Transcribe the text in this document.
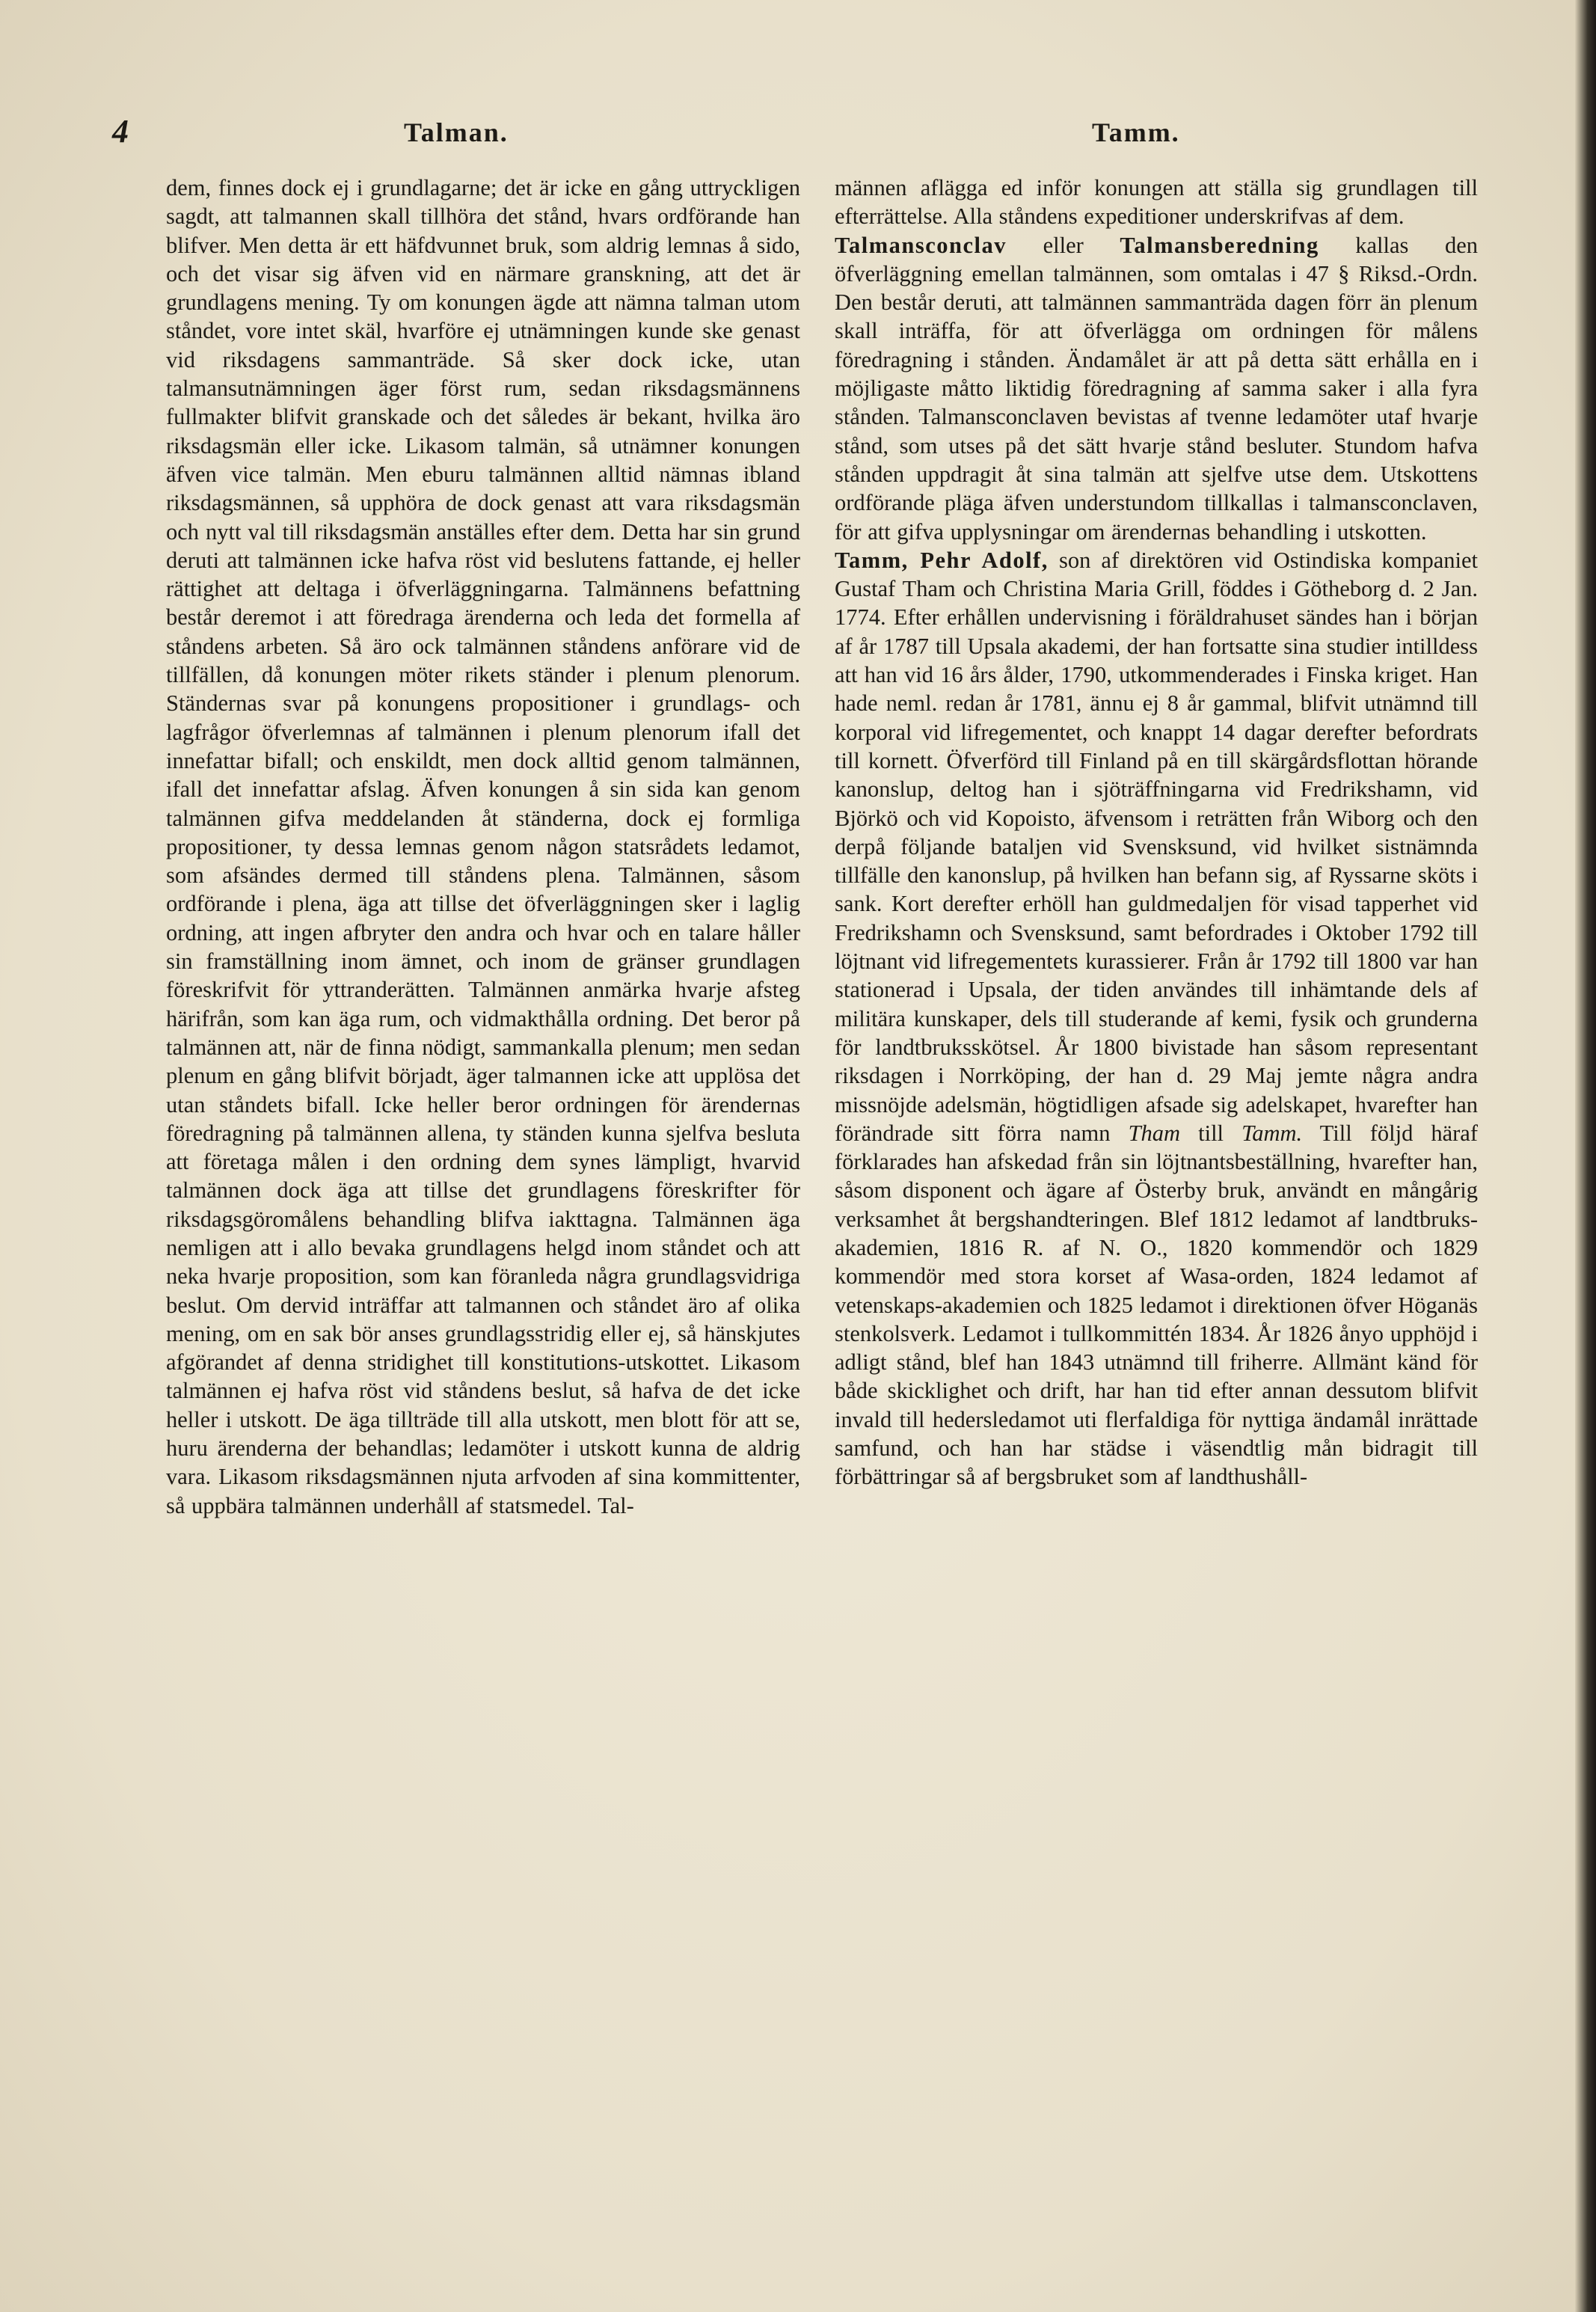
4	Talman.	Tamm.

dem, finnes dock ej i grundlagarne; det är icke en gång uttryckligen sagdt, att talmannen skall tillhöra det stånd, hvars ordförande han blifver. Men detta är ett häfdvunnet bruk, som aldrig lemnas å sido, och det visar sig äfven vid en närmare granskning, att det är grundlagens mening. Ty om konungen ägde att nämna talman utom ståndet, vore intet skäl, hvarföre ej utnämningen kunde ske genast vid riksdagens sammanträde. Så sker dock icke, utan talmansutnämningen äger först rum, sedan riksdagsmännens fullmakter blifvit granskade och det således är bekant, hvilka äro riksdagsmän eller icke. Likasom talmän, så utnämner konungen äfven vice talmän. Men eburu talmännen alltid nämnas ibland riksdagsmännen, så upphöra de dock genast att vara riksdagsmän och nytt val till riksdagsmän anställes efter dem. Detta har sin grund deruti att talmännen icke hafva röst vid beslutens fattande, ej heller rättighet att deltaga i öfverläggningarna. Talmännens befattning består deremot i att föredraga ärenderna och leda det formella af ståndens arbeten. Så äro ock talmännen ståndens anförare vid de tillfällen, då konungen möter rikets ständer i plenum plenorum. Ständernas svar på konungens propositioner i grundlags- och lagfrågor öfverlemnas af talmännen i plenum plenorum ifall det innefattar bifall; och enskildt, men dock alltid genom talmännen, ifall det innefattar afslag. Äfven konungen å sin sida kan genom talmännen gifva meddelanden åt ständerna, dock ej formliga propositioner, ty dessa lemnas genom någon statsrådets ledamot, som afsändes dermed till ståndens plena. Talmännen, såsom ordförande i plena, äga att tillse det öfverläggningen sker i laglig ordning, att ingen afbryter den andra och hvar och en talare håller sin framställning inom ämnet, och inom de gränser grundlagen föreskrifvit för yttranderätten. Talmännen anmärka hvarje afsteg härifrån, som kan äga rum, och vidmakthålla ordning. Det beror på talmännen att, när de finna nödigt, sammankalla plenum; men sedan plenum en gång blifvit börjadt, äger talmannen icke att upplösa det utan ståndets bifall. Icke heller beror ordningen för ärendernas föredragning på talmännen allena, ty ständen kunna sjelfva besluta att företaga målen i den ordning dem synes lämpligt, hvarvid talmännen dock äga att tillse det grundlagens föreskrifter för riksdagsgöromålens behandling blifva iakttagna. Talmännen äga nemligen att i allo bevaka grundlagens helgd inom ståndet och att neka hvarje proposition, som kan föranleda några grundlagsvidriga beslut. Om dervid inträffar att talmannen och ståndet äro af olika mening, om en sak bör anses grundlagsstridig eller ej, så hänskjutes afgörandet af denna stridighet till konstitutions-utskottet. Likasom talmännen ej hafva röst vid ståndens beslut, så hafva de det icke heller i utskott. De äga tillträde till alla utskott, men blott för att se, huru ärenderna der behandlas; ledamöter i utskott kunna de aldrig vara. Likasom riksdagsmännen njuta arfvoden af sina kommittenter, så uppbära talmännen underhåll af statsmedel. Tal-

männen aflägga ed inför konungen att ställa sig grundlagen till efterrättelse. Alla ståndens expeditioner underskrifvas af dem.

Talmansconclav eller Talmansberedning kallas den öfverläggning emellan talmännen, som omtalas i 47 § Riksd.-Ordn. Den består deruti, att talmännen sammanträda dagen förr än plenum skall inträffa, för att öfverlägga om ordningen för målens föredragning i stånden. Ändamålet är att på detta sätt erhålla en i möjligaste måtto liktidig föredragning af samma saker i alla fyra stånden. Talmansconclaven bevistas af tvenne ledamöter utaf hvarje stånd, som utses på det sätt hvarje stånd besluter. Stundom hafva stånden uppdragit åt sina talmän att sjelfve utse dem. Utskottens ordförande pläga äfven understundom tillkallas i talmansconclaven, för att gifva upplysningar om ärendernas behandling i utskotten.

Tamm, Pehr Adolf, son af direktören vid Ostindiska kompaniet Gustaf Tham och Christina Maria Grill, föddes i Götheborg d. 2 Jan. 1774. Efter erhållen undervisning i föräldrahuset sändes han i början af år 1787 till Upsala akademi, der han fortsatte sina studier intilldess att han vid 16 års ålder, 1790, utkommenderades i Finska kriget. Han hade neml. redan år 1781, ännu ej 8 år gammal, blifvit utnämnd till korporal vid lifregementet, och knappt 14 dagar derefter befordrats till kornett. Öfverförd till Finland på en till skärgårdsflottan hörande kanonslup, deltog han i sjöträffningarna vid Fredrikshamn, vid Björkö och vid Kopoisto, äfvensom i reträtten från Wiborg och den derpå följande bataljen vid Svensksund, vid hvilket sistnämnda tillfälle den kanonslup, på hvilken han befann sig, af Ryssarne sköts i sank. Kort derefter erhöll han guldmedaljen för visad tapperhet vid Fredrikshamn och Svensksund, samt befordrades i Oktober 1792 till löjtnant vid lifregementets kurassierer. Från år 1792 till 1800 var han stationerad i Upsala, der tiden användes till inhämtande dels af militära kunskaper, dels till studerande af kemi, fysik och grunderna för landtbruksskötsel. År 1800 bivistade han såsom representant riksdagen i Norrköping, der han d. 29 Maj jemte några andra missnöjde adelsmän, högtidligen afsade sig adelskapet, hvarefter han förändrade sitt förra namn Tham till Tamm. Till följd häraf förklarades han afskedad från sin löjtnantsbeställning, hvarefter han, såsom disponent och ägare af Österby bruk, användt en mångårig verksamhet åt bergshandteringen. Blef 1812 ledamot af landtbruks-akademien, 1816 R. af N. O., 1820 kommendör och 1829 kommendör med stora korset af Wasa-orden, 1824 ledamot af vetenskaps-akademien och 1825 ledamot i direktionen öfver Höganäs stenkolsverk. Ledamot i tullkommittén 1834. År 1826 ånyo upphöjd i adligt stånd, blef han 1843 utnämnd till friherre. Allmänt känd för både skicklighet och drift, har han tid efter annan dessutom blifvit invald till hedersledamot uti flerfaldiga för nyttiga ändamål inrättade samfund, och han har städse i väsendtlig mån bidragit till förbättringar så af bergsbruket som af landthushåll-
